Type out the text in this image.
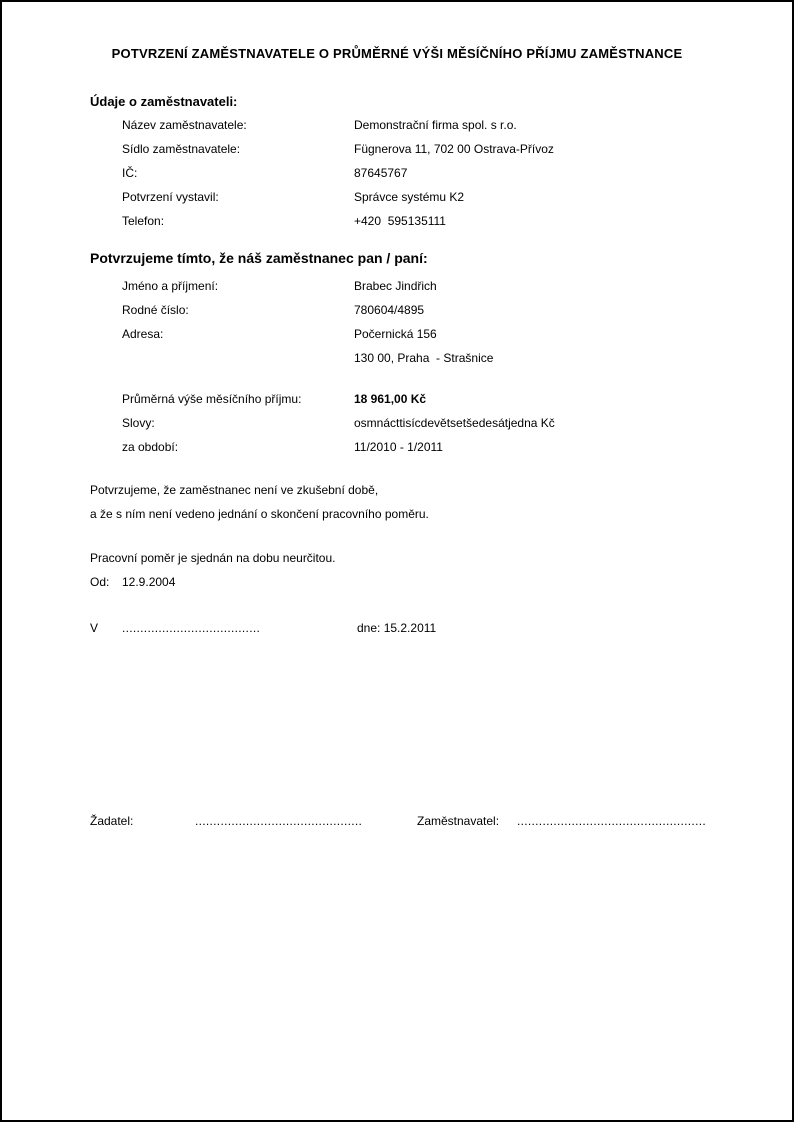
POTVRZENÍ ZAMĚSTNAVATELE O PRŮMĚRNÉ VÝŠI MĚSÍČNÍHO PŘÍJMU ZAMĚSTNANCE
Údaje o zaměstnavateli:
Název zaměstnavatele:	Demonstrační firma spol. s r.o.
Sídlo zaměstnavatele:	Fügnerova 11, 702 00 Ostrava-Přívoz
IČ:	87645767
Potvrzení vystavil:	Správce systému K2
Telefon:	+420  595135111
Potvrzujeme tímto, že náš zaměstnanec pan / paní:
Jméno a příjmení:	Brabec Jindřich
Rodné číslo:	780604/4895
Adresa:	Počernická 156
130 00, Praha  - Strašnice
Průměrná výše měsíčního příjmu:	18 961,00 Kč
Slovy:	osmnácttisícdevětsetšedesátjedna Kč
za období:	11/2010 - 1/2011
Potvrzujeme, že zaměstnanec není ve zkušební době,
a že s ním není vedeno jednání o skončení pracovního poměru.
Pracovní poměr je sjednán na dobu neurčitou.
Od:	12.9.2004
V	......................................	dne:
15.2.2011
Žadatel:	..............................................	Zaměstnavatel:	....................................................
